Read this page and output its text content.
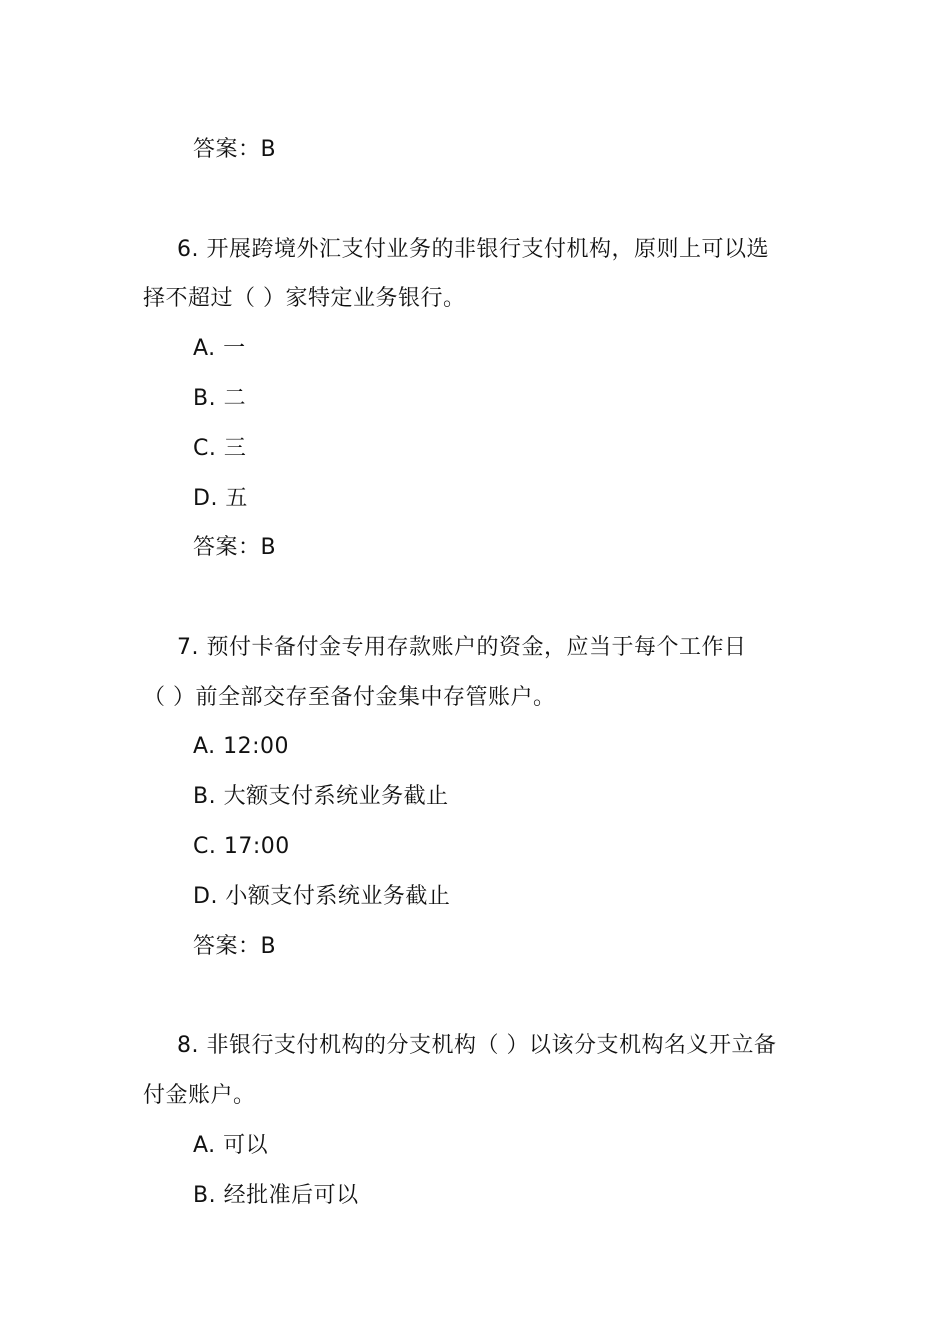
答案：B
6. 开展跨境外汇支付业务的非银行支付机构，原则上可以选
择不超过（ ）家特定业务银行。
A. 一
B. 二
C. 三
D. 五
答案：B
7. 预付卡备付金专用存款账户的资金，应当于每个工作日
（ ）前全部交存至备付金集中存管账户。
A. 12:00
B. 大额支付系统业务截止
C. 17:00
D. 小额支付系统业务截止
答案：B
8. 非银行支付机构的分支机构（ ）以该分支机构名义开立备
付金账户。
A. 可以
B. 经批准后可以
